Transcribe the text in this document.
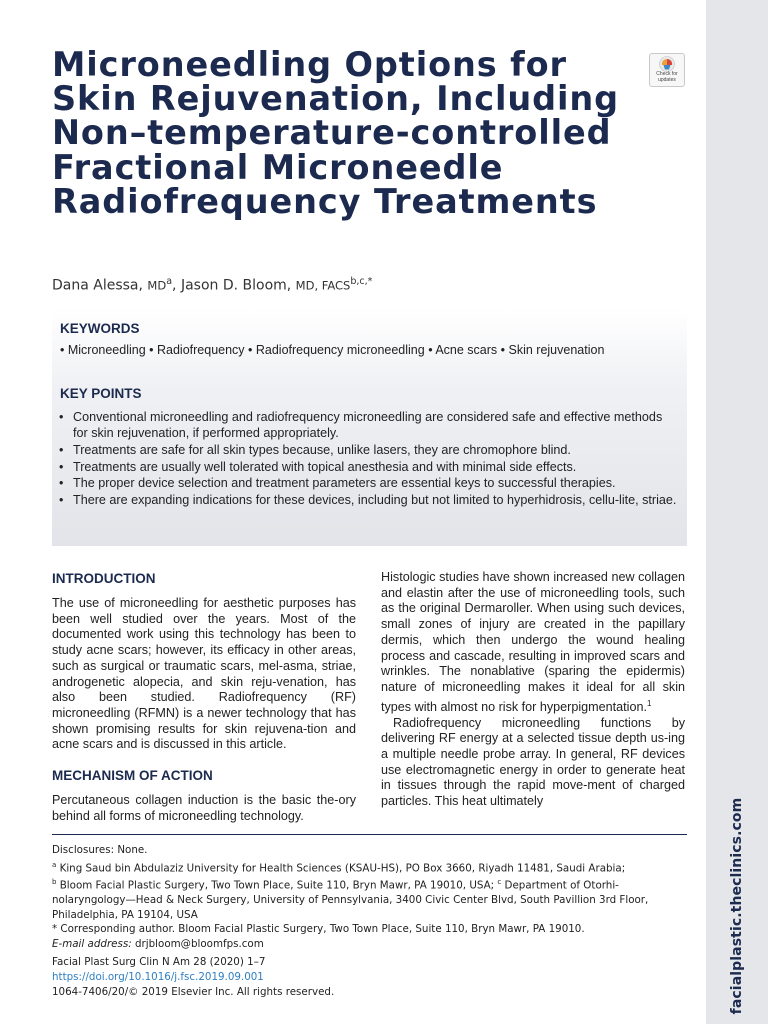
facialplastic.theclinics.com
Microneedling Options for Skin Rejuvenation, Including Non–temperature-controlled Fractional Microneedle Radiofrequency Treatments
Check for
updates
Dana Alessa, $MD^a$, Jason D. Bloom, MD, $FACS^{b,c,*}$
KEYWORDS
• Microneedling • Radiofrequency • Radiofrequency microneedling • Acne scars • Skin rejuvenation
KEY POINTS
• Conventional microneedling and radiofrequency microneedling are considered safe and effective methods for skin rejuvenation, if performed appropriately.
• Treatments are safe for all skin types because, unlike lasers, they are chromophore blind.
• Treatments are usually well tolerated with topical anesthesia and with minimal side effects.
• The proper device selection and treatment parameters are essential keys to successful therapies.
• There are expanding indications for these devices, including but not limited to hyperhidrosis, cellu-lite, striae.
INTRODUCTION

The use of microneedling for aesthetic purposes has been well studied over the years. Most of the documented work using this technology has been to study acne scars; however, its efficacy in other areas, such as surgical or traumatic scars, mel-asma, striae, androgenetic alopecia, and skin reju-venation, has also been studied. Radiofrequency (RF) microneedling (RFMN) is a newer technology that has shown promising results for skin rejuvena-tion and acne scars and is discussed in this article.

MECHANISM OF ACTION

Percutaneous collagen induction is the basic the-ory behind all forms of microneedling technology.

Histologic studies have shown increased new collagen and elastin after the use of microneedling tools, such as the original Dermaroller. When using such devices, small zones of injury are created in the papillary dermis, which then undergo the wound healing process and cascade, resulting in improved scars and wrinkles. The nonablative (sparing the epidermis) nature of microneedling makes it ideal for all skin types with almost no risk for hyperpigmentation.$^1$

Radiofrequency microneedling functions by delivering RF energy at a selected tissue depth us-ing a multiple needle probe array. In general, RF devices use electromagnetic energy in order to generate heat in tissues through the rapid move-ment of charged particles. This heat ultimately

Disclosures: None.

$^a$ King Saud bin Abdulaziz University for Health Sciences (KSAU-HS), PO Box 3660, Riyadh 11481, Saudi Arabia;
$^b$ Bloom Facial Plastic Surgery, Two Town Place, Suite 110, Bryn Mawr, PA 19010, USA; $^c$ Department of Otorhi-nolaryngology—Head & Neck Surgery, University of Pennsylvania, 3400 Civic Center Blvd, South Pavillion 3rd Floor, Philadelphia, PA 19104, USA

* Corresponding author. Bloom Facial Plastic Surgery, Two Town Place, Suite 110, Bryn Mawr, PA 19010.

E-mail address: drjbloom@bloomfps.com

Facial Plast Surg Clin N Am 28 (2020) 1–7

https://doi.org/10.1016/j.fsc.2019.09.001

1064-7406/20/© 2019 Elsevier Inc. All rights reserved.
